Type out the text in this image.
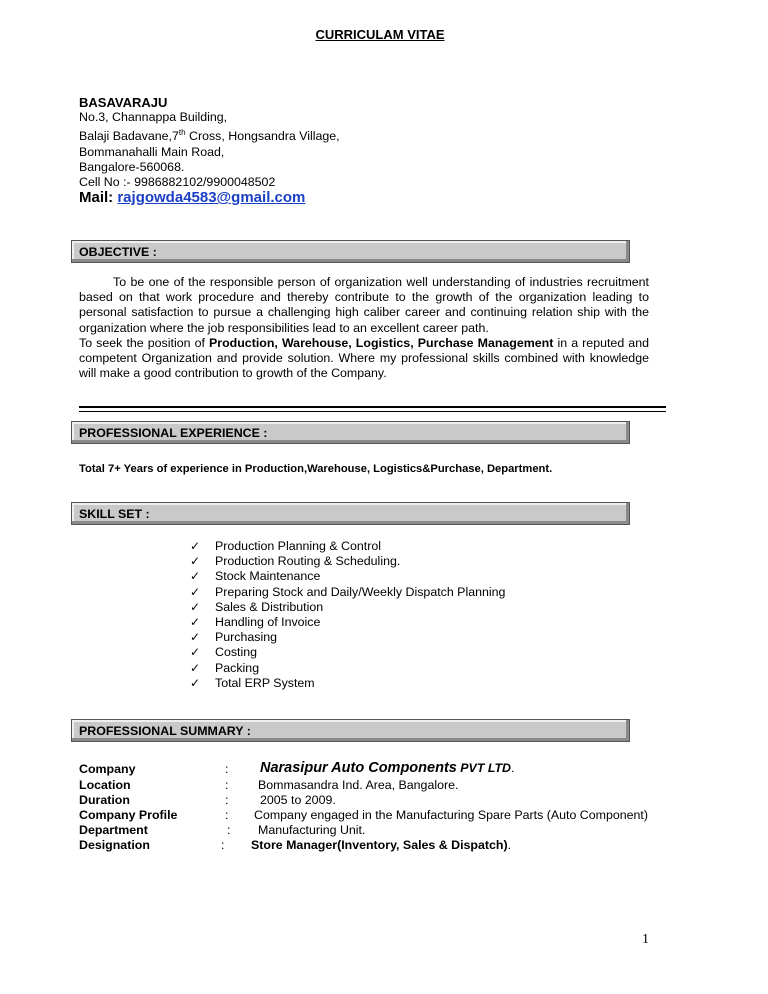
CURRICULAM VITAE
BASAVARAJU
No.3, Channappa Building,
Balaji Badavane,7th Cross, Hongsandra Village,
Bommanahalli Main Road,
Bangalore-560068.
Cell No :- 9986882102/9900048502
Mail: rajgowda4583@gmail.com
OBJECTIVE :

To be one of the responsible person of organization well understanding of industries recruitment based on that work procedure and thereby contribute to the growth of the organization leading to personal satisfaction to pursue a challenging high caliber career and continuing relation ship with the organization where the job responsibilities lead to an excellent career path.

To seek the position of Production, Warehouse, Logistics, Purchase Management in a reputed and competent Organization and provide solution. Where my professional skills combined with knowledge will make a good contribution to growth of the Company.

PROFESSIONAL EXPERIENCE :
Total 7+ Years of experience in Production,Warehouse, Logistics&Purchase, Department.
SKILL SET :
✓ Production Planning & Control
✓ Production Routing & Scheduling.
✓ Stock Maintenance
✓ Preparing Stock and Daily/Weekly Dispatch Planning
✓ Sales & Distribution
✓ Handling of Invoice
✓ Purchasing
✓ Costing
✓ Packing
✓ Total ERP System
PROFESSIONAL SUMMARY :
Company	: Narasipur Auto Components PVT LTD.
Location	: Bommasandra Ind. Area, Bangalore.
Duration	:	2005 to 2009.
Company Profile	: Company engaged in the Manufacturing Spare Parts (Auto Component)
Department	: Manufacturing Unit.
Designation	: Store Manager(Inventory, Sales & Dispatch).
1
